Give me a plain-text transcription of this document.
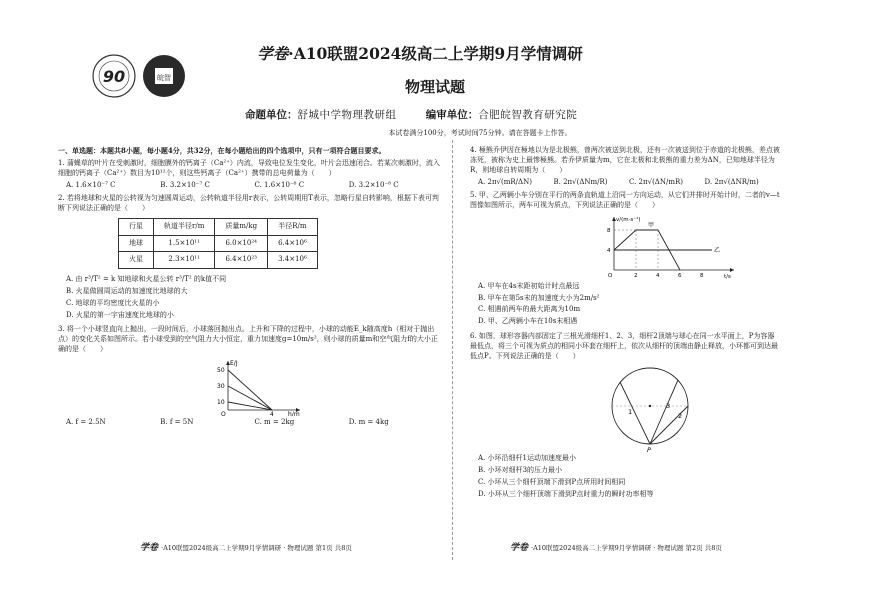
90	皖智
学卷·A10联盟2024级高二上学期9月学情调研
物理试题
命题单位：舒城中学物理教研组	编审单位：合肥皖智教育研究院
本试卷满分100分，考试时间75分钟。请在答题卡上作答。

一、单选题：本题共8小题，每小题4分，共32分，在每小题给出的四个选项中，只有一项符合题目要求。

1. 蒲蝇草的叶片在受刺激时，细胞膜外的钙离子（Ca²⁺）内流，导致电位发生变化，叶片会迅速闭合。若某次刺激时，流入细胞的钙离子（Ca²⁺）数目为10¹²个，则这些钙离子（Ca²⁺）携带的总电荷量为（　　）

A. 1.6×10⁻⁷ C	B. 3.2×10⁻⁷ C	C. 1.6×10⁻⁸ C	D. 3.2×10⁻⁸ C

2. 若将地球和火星的公转视为匀速圆周运动，公转轨道半径用r表示，公转周期用T表示，忽略行星自转影响，根据下表可判断下列说法正确的是（　　）

行星	轨道半径r/m	质量m/kg	半径R/m
地球	1.5×10¹¹	6.0×10²⁴	6.4×10⁶
火星	2.3×10¹¹	6.4×10²³	3.4×10⁶
A. 由 r³/T² = k 知地球和火星公转 r³/T² 的k值不同
B. 火星做圆周运动的加速度比地球的大
C. 地球的平均密度比火星的小
D. 火星的第一宇宙速度比地球的小

3. 将一个小球竖直向上抛出，一段时间后，小球落回抛出点。上升和下降的过程中，小球的动能E_k随高度h（相对于抛出点）的变化关系如图所示。若小球受到的空气阻力大小恒定，重力加速度g=10m/s²，则小球的质量m和空气阻力f的大小正确的是（　　）

E/J
h/m
50
30
10
4
O
A. f = 2.5N	B. f = 5N	C. m = 2kg	D. m = 4kg

4. 極熊乔伊因在極地以为是北极熊，曾两次被送到北极，还有一次被送到位于赤道的北极熊，差点被冻死，被称为史上最惨極熊。若乔伊质量为m，它在北极和北极熊的重力差为ΔN，已知地球半径为R，则地球自转周期为（　　）

A. 2π√(mR/ΔN)	B. 2π√(ΔNm/R)	C. 2π√(ΔN/mR)	D. 2π√(ΔNR/m)

5. 甲、乙两辆小车分别在平行的两条直轨道上沿同一方向运动，从它们并排时开始计时，二者的v—t图像如图所示，两车可视为质点，下列说法正确的是（　　）

v/(m·s⁻¹)
t/s
8
4
2	4	6	8
甲
乙
O
A. 甲车在4s末距初始计时点最远
B. 甲车在第5s末的加速度大小为2m/s²
C. 相遇前两车的最大距离为10m
D. 甲、乙两辆小车在10s末相遇

6. 如图，球形容器内部固定了三根光滑细杆1、2、3，细杆2顶端与球心在同一水平面上，P为容器最低点，将三个可视为质点的相同小环套在细杆上，依次从细杆的顶端由静止释放，小环都可到达最低点P。下列说法正确的是（　　）

1	2
3
P
A. 小环沿细杆1运动加速度最小
B. 小环对细杆3的压力最小
C. 小环从三个细杆顶端下滑到P点所用时间相同
D. 小环从三个细杆顶端下滑到P点时重力的瞬时功率相等
学卷 ·A10联盟2024级高二上学期9月学情调研 · 物理试题 第1页 共8页	学卷 ·A10联盟2024级高二上学期9月学情调研 · 物理试题 第2页 共8页
